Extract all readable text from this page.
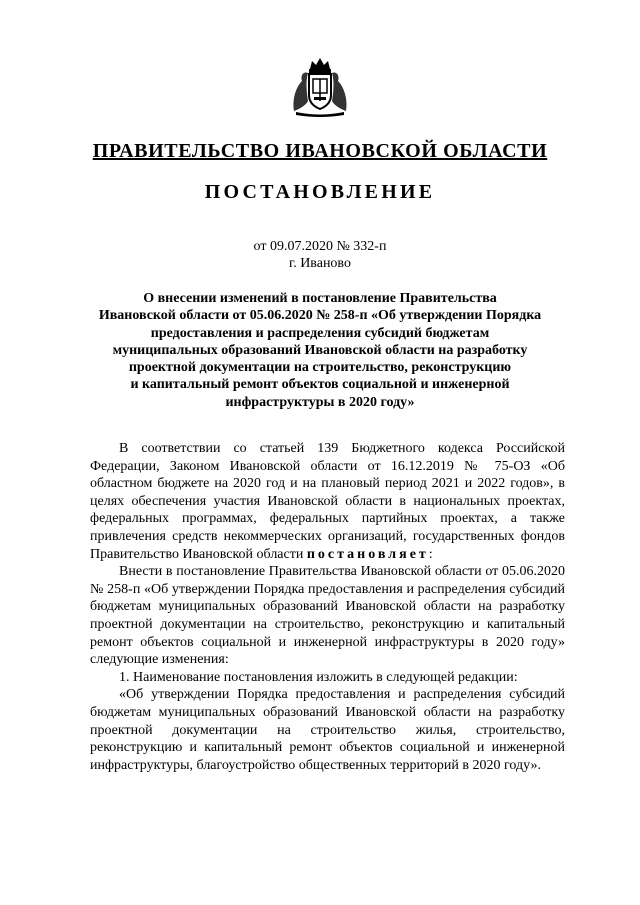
ПРАВИТЕЛЬСТВО ИВАНОВСКОЙ ОБЛАСТИ
ПОСТАНОВЛЕНИЕ
от 09.07.2020 № 332-п
г. Иваново
О внесении изменений в постановление Правительства
Ивановской области от 05.06.2020 № 258-п «Об утверждении Порядка
предоставления и распределения субсидий бюджетам
муниципальных образований Ивановской области на разработку
проектной документации на строительство, реконструкцию
и капитальный ремонт объектов социальной и инженерной
инфраструктуры в 2020 году»

В соответствии со статьей 139 Бюджетного кодекса Российской Федерации, Законом Ивановской области от 16.12.2019 № 75-ОЗ «Об областном бюджете на 2020 год и на плановый период 2021 и 2022 годов», в целях обеспечения участия Ивановской области в национальных проектах, федеральных программах, федеральных партийных проектах, а также привлечения средств некоммерческих организаций, государственных фондов Правительство Ивановской области постановляет:

Внести в постановление Правительства Ивановской области от 05.06.2020 № 258-п «Об утверждении Порядка предоставления и распределения субсидий бюджетам муниципальных образований Ивановской области на разработку проектной документации на строительство, реконструкцию и капитальный ремонт объектов социальной и инженерной инфраструктуры в 2020 году» следующие изменения:

1. Наименование постановления изложить в следующей редакции:

«Об утверждении Порядка предоставления и распределения субсидий бюджетам муниципальных образований Ивановской области на разработку проектной документации на строительство жилья, строительство, реконструкцию и капитальный ремонт объектов социальной и инженерной инфраструктуры, благоустройство общественных территорий в 2020 году».
